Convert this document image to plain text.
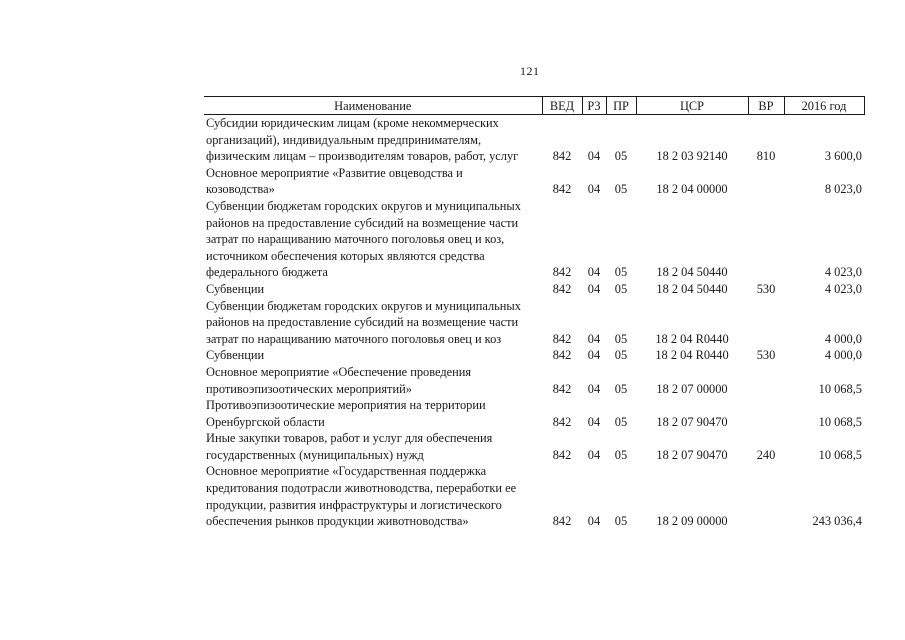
121
Наименование	ВЕД	РЗ	ПР	ЦСР	ВР	2016 год

Субсидии юридическим лицам (кроме некоммерческих
организаций), индивидуальным предпринимателям,
физическим лицам – производителям товаров, работ, услуг	842	04	05	18 2 03 92140	810	3 600,0

Основное мероприятие «Развитие овцеводства и
козоводства»	842	04	05	18 2 04 00000		8 023,0

Субвенции бюджетам городских округов и муниципальных
районов на предоставление субсидий на возмещение части
затрат по наращиванию маточного поголовья овец и коз,
источником обеспечения которых являются средства
федерального бюджета	842	04	05	18 2 04 50440		4 023,0

Субвенции	842	04	05	18 2 04 50440	530	4 023,0

Субвенции бюджетам городских округов и муниципальных
районов на предоставление субсидий на возмещение части
затрат по наращиванию маточного поголовья овец и коз	842	04	05	18 2 04 R0440		4 000,0

Субвенции	842	04	05	18 2 04 R0440	530	4 000,0

Основное мероприятие «Обеспечение проведения
противоэпизоотических мероприятий»	842	04	05	18 2 07 00000		10 068,5

Противоэпизоотические мероприятия на территории
Оренбургской области	842	04	05	18 2 07 90470		10 068,5

Иные закупки товаров, работ и услуг для обеспечения
государственных (муниципальных) нужд	842	04	05	18 2 07 90470	240	10 068,5

Основное мероприятие «Государственная поддержка
кредитования подотрасли животноводства, переработки ее
продукции, развития инфраструктуры и логистического
обеспечения рынков продукции животноводства»	842	04	05	18 2 09 00000		243 036,4
